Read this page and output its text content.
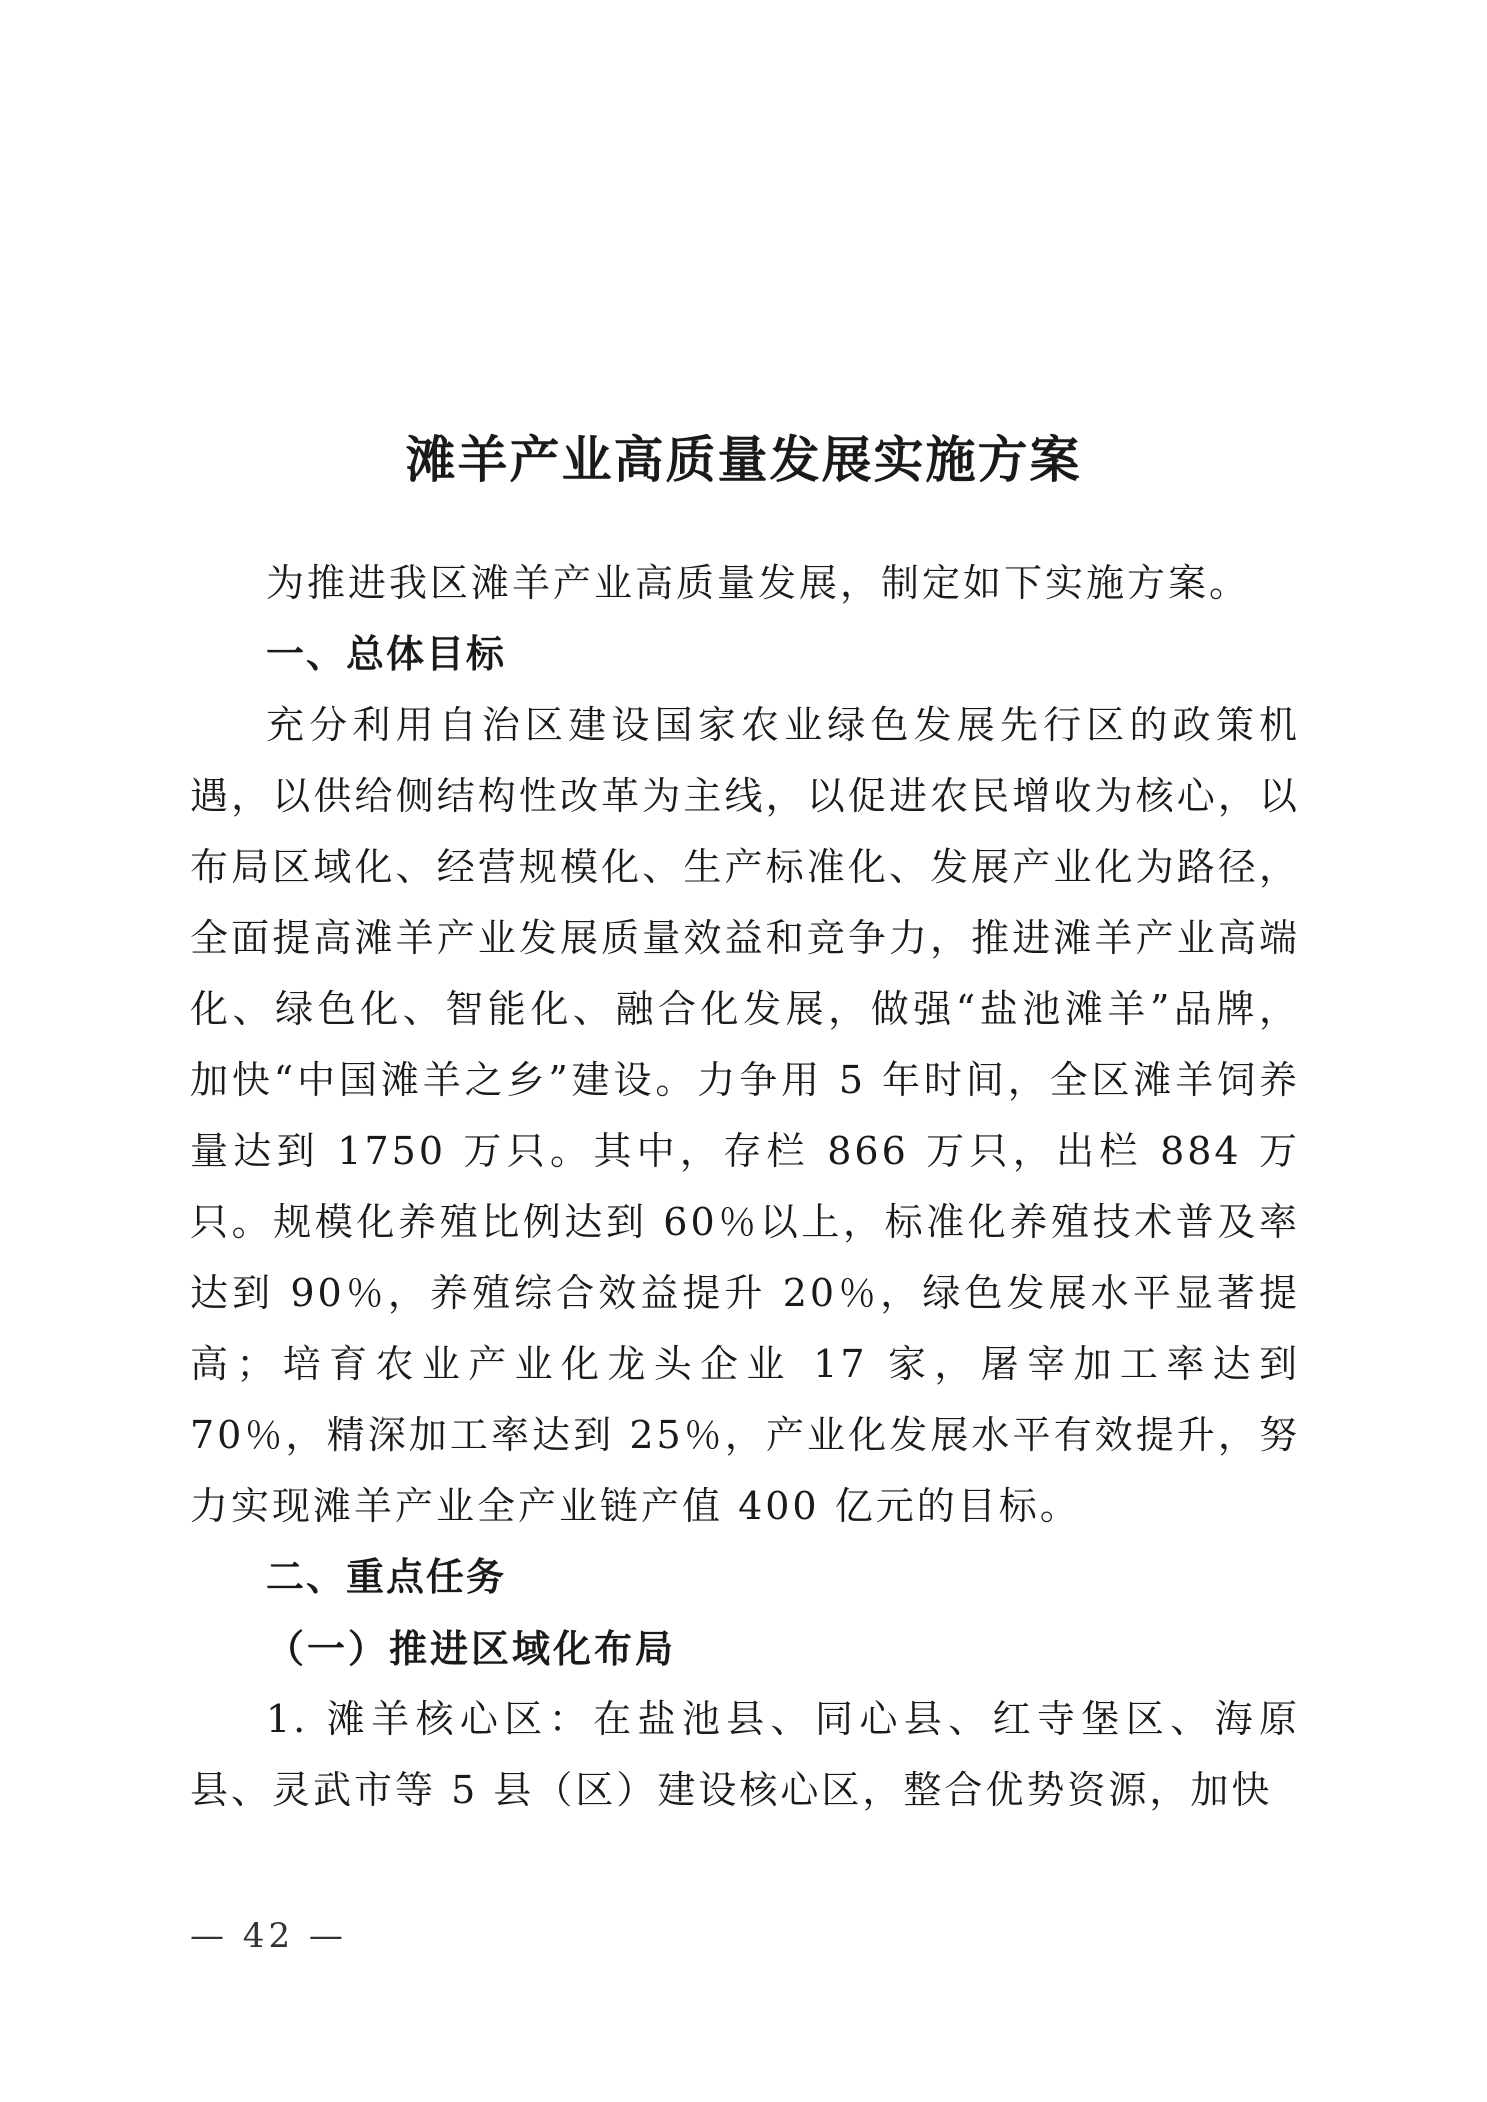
滩羊产业高质量发展实施方案

为推进我区滩羊产业高质量发展，制定如下实施方案。

一、总体目标

充分利用自治区建设国家农业绿色发展先行区的政策机遇，以供给侧结构性改革为主线，以促进农民增收为核心，以布局区域化、经营规模化、生产标准化、发展产业化为路径，全面提高滩羊产业发展质量效益和竞争力，推进滩羊产业高端化、绿色化、智能化、融合化发展，做强“盐池滩羊”品牌，加快“中国滩羊之乡”建设。力争用 5 年时间，全区滩羊饲养量达到 1750 万只。其中，存栏 866 万只，出栏 884 万只。规模化养殖比例达到 60％以上，标准化养殖技术普及率达到 90％，养殖综合效益提升 20％，绿色发展水平显著提高；培育农业产业化龙头企业 17 家，屠宰加工率达到 70％，精深加工率达到 25％，产业化发展水平有效提升，努力实现滩羊产业全产业链产值 400 亿元的目标。

二、重点任务

（一）推进区域化布局

1. 滩羊核心区：在盐池县、同心县、红寺堡区、海原县、灵武市等 5 县（区）建设核心区，整合优势资源，加快

— 42 —
